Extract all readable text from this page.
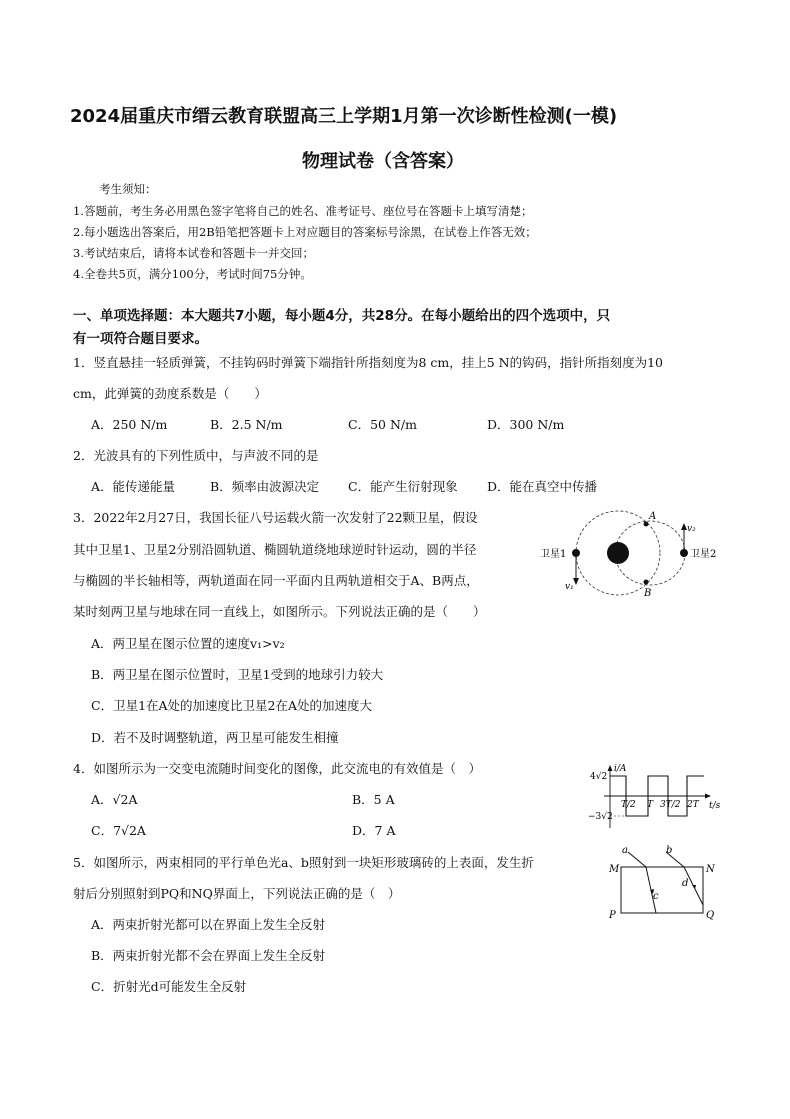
2024届重庆市缙云教育联盟高三上学期1月第一次诊断性检测(一模)
物理试卷（含答案）
考生须知：
1.答题前，考生务必用黑色签字笔将自己的姓名、准考证号、座位号在答题卡上填写清楚；
2.每小题选出答案后，用2B铅笔把答题卡上对应题目的答案标号涂黑，在试卷上作答无效；
3.考试结束后，请将本试卷和答题卡一并交回；
4.全卷共5页，满分100分，考试时间75分钟。
一、单项选择题：本大题共7小题，每小题4分，共28分。在每小题给出的四个选项中，只
有一项符合题目要求。
1．竖直悬挂一轻质弹簧，不挂钩码时弹簧下端指针所指刻度为8 cm，挂上5 N的钩码，指针所指刻度为10
cm，此弹簧的劲度系数是（　　）
A．250 N/m	B．2.5 N/m	C．50 N/m	D．300 N/m
2．光波具有的下列性质中，与声波不同的是
A．能传递能量	B．频率由波源决定 C．能产生衍射现象 D．能在真空中传播
3．2022年2月27日，我国长征八号运载火箭一次发射了22颗卫星，假设
其中卫星1、卫星2分别沿圆轨道、椭圆轨道绕地球逆时针运动，圆的半径
与椭圆的半长轴相等，两轨道面在同一平面内且两轨道相交于A、B两点，
某时刻两卫星与地球在同一直线上，如图所示。下列说法正确的是（　　）
A．两卫星在图示位置的速度v₁>v₂
B．两卫星在图示位置时，卫星1受到的地球引力较大
C．卫星1在A处的加速度比卫星2在A处的加速度大
D．若不及时调整轨道，两卫星可能发生相撞
卫星1	卫星2
A
B
v₁
v₂
4．如图所示为一交变电流随时间变化的图像，此交流电的有效值是（　）
A．√2A	B．5 A
C．7√2A	D．7 A
i/A
t/s
4√2
−3√2
T/2 T 3T/2 2T
5．如图所示，两束相同的平行单色光a、b照射到一块矩形玻璃砖的上表面，发生折
射后分别照射到PQ和NQ界面上，下列说法正确的是（　）
A．两束折射光都可以在界面上发生全反射
B．两束折射光都不会在界面上发生全反射
C．折射光d可能发生全反射
a	b
c
d
M	N
P	Q
